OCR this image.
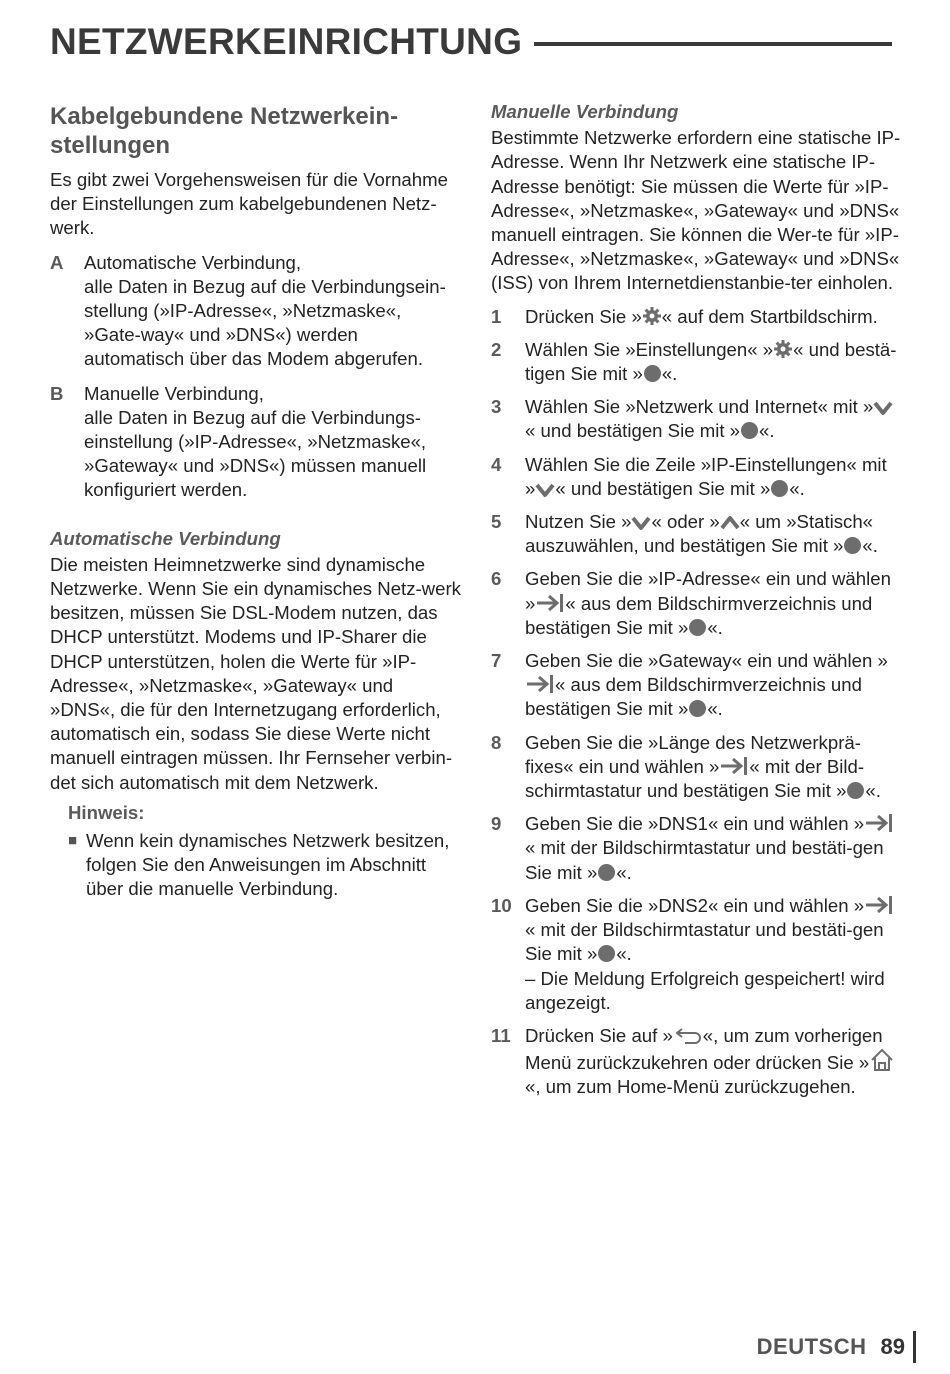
NETZWERKEINRICHTUNG
Kabelgebundene Netzwerkein-
stellungen

Es gibt zwei Vorgehensweisen für die Vornahme der Einstellungen zum kabelgebundenen Netz-werk.

A	Automatische Verbindung,
alle Daten in Bezug auf die Verbindungsein-stellung (»IP-Adresse«, »Netzmaske«, »Gate-way« und »DNS«) werden automatisch über das Modem abgerufen.
B	Manuelle Verbindung,
alle Daten in Bezug auf die Verbindungs-einstellung (»IP-Adresse«, »Netzmaske«, »Gateway« und »DNS«) müssen manuell konfiguriert werden.
Automatische Verbindung

Die meisten Heimnetzwerke sind dynamische Netzwerke. Wenn Sie ein dynamisches Netz-werk besitzen, müssen Sie DSL-Modem nutzen, das DHCP unterstützt. Modems und IP-Sharer die DHCP unterstützen, holen die Werte für »IP-Adresse«, »Netzmaske«, »Gateway« und »DNS«, die für den Internetzugang erforderlich, automatisch ein, sodass Sie diese Werte nicht manuell eintragen müssen. Ihr Fernseher verbin-det sich automatisch mit dem Netzwerk.

Hinweis:
■ Wenn kein dynamisches Netzwerk besitzen, folgen Sie den Anweisungen im Abschnitt über die manuelle Verbindung.
Manuelle Verbindung

Bestimmte Netzwerke erfordern eine statische IP-Adresse. Wenn Ihr Netzwerk eine statische IP-Adresse benötigt: Sie müssen die Werte für »IP-Adresse«, »Netzmaske«, »Gateway« und »DNS« manuell eintragen. Sie können die Wer-te für »IP-Adresse«, »Netzmaske«, »Gateway« und »DNS« (ISS) von Ihrem Internetdienstanbie-ter einholen.

1	Drücken Sie » « auf dem Startbildschirm.
2	Wählen Sie »Einstellungen« » « und bestä-tigen Sie mit » «.
3	Wählen Sie »Netzwerk und Internet« mit »
« und bestätigen Sie mit » «.
4	Wählen Sie die Zeile »IP-Einstellungen« mit » « und bestätigen Sie mit » «.
5	Nutzen Sie » « oder » « um »Statisch« auszuwählen, und bestätigen Sie mit » «.
6	Geben Sie die »IP-Adresse« ein und wählen » « aus dem Bildschirmverzeichnis und bestätigen Sie mit » «.
7	Geben Sie die »Gateway« ein und wählen »
« aus dem Bildschirmverzeichnis und bestätigen Sie mit » «.
8	Geben Sie die »Länge des Netzwerkprä-fixes« ein und wählen » « mit der Bild-schirmtastatur und bestätigen Sie mit » «.
9	Geben Sie die »DNS1« ein und wählen »
« mit der Bildschirmtastatur und bestäti-gen Sie mit » «.
10 Geben Sie die »DNS2« ein und wählen »
« mit der Bildschirmtastatur und bestäti-gen Sie mit » «.
– Die Meldung Erfolgreich gespeichert! wird angezeigt.
11 Drücken Sie auf » «, um zum vorherigen Menü zurückzukehren oder drücken Sie »
«, um zum Home-Menü zurückzugehen.
DEUTSCH 89
